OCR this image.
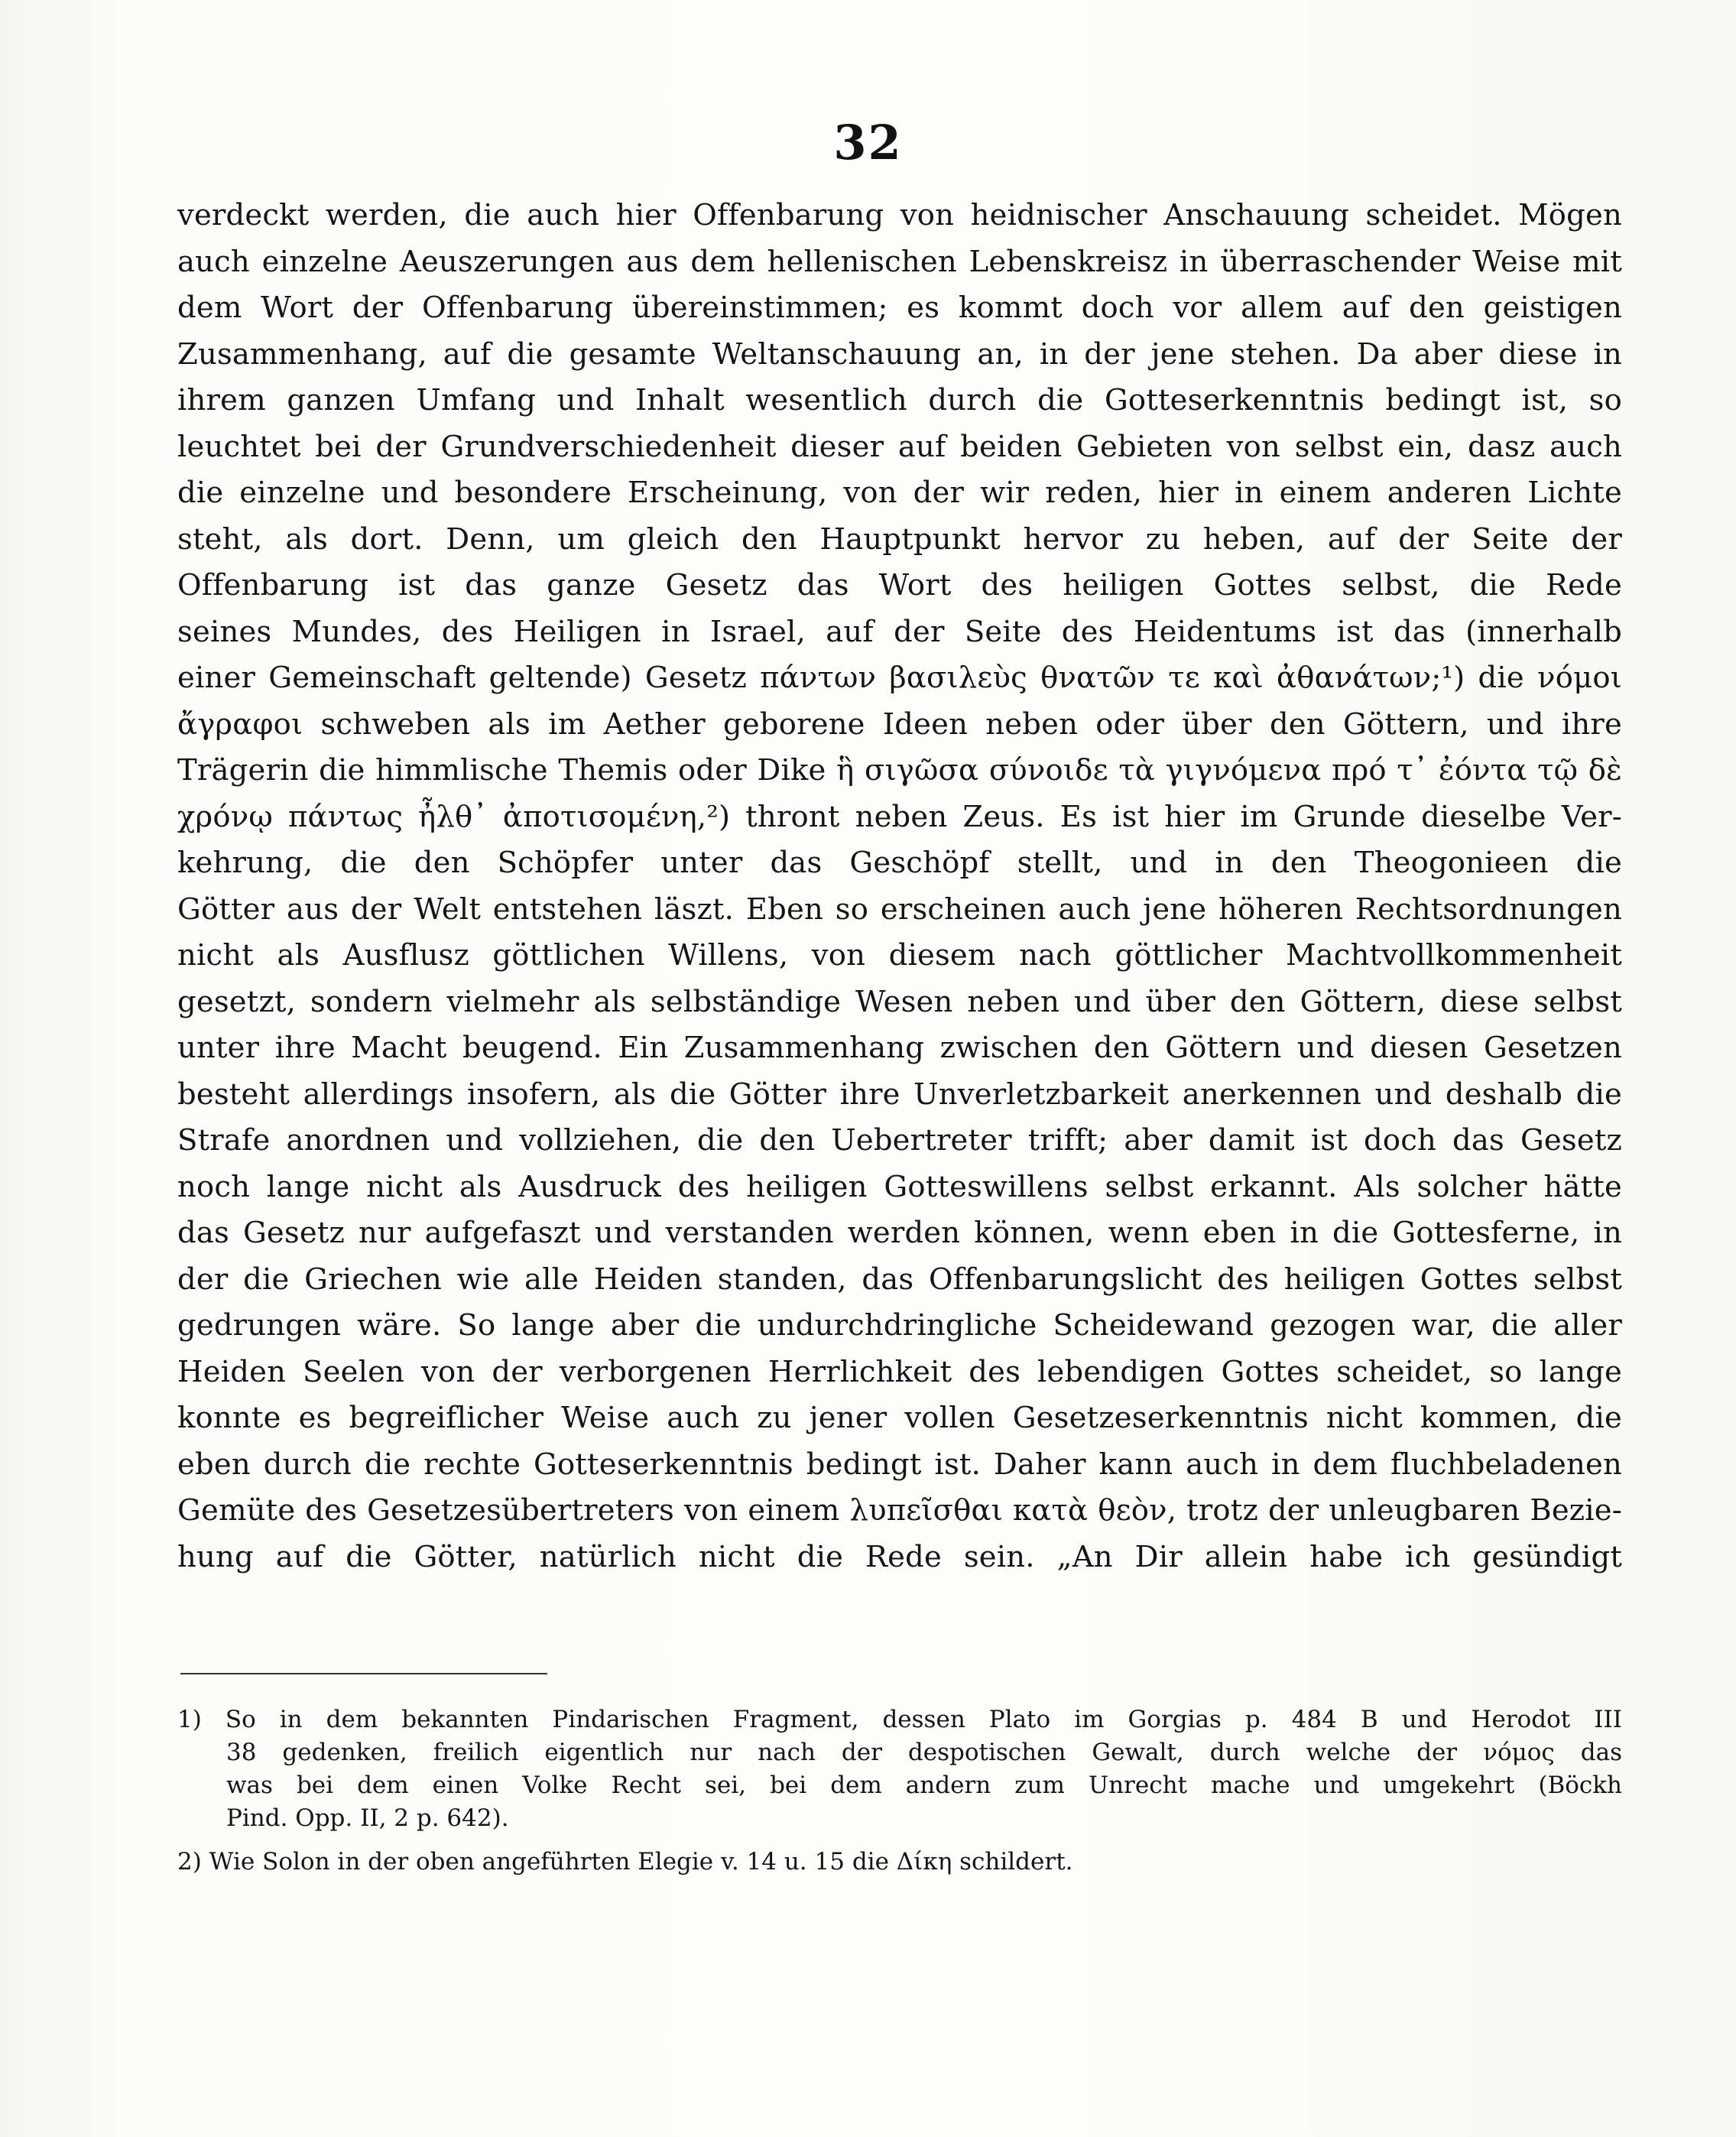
32
verdeckt werden, die auch hier Offenbarung von heidnischer Anschauung scheidet. Mögen
auch einzelne Aeuszerungen aus dem hellenischen Lebenskreisz in überraschender Weise mit
dem Wort der Offenbarung übereinstimmen; es kommt doch vor allem auf den geistigen
Zusammenhang, auf die gesamte Weltanschauung an, in der jene stehen. Da aber diese in
ihrem ganzen Umfang und Inhalt wesentlich durch die Gotteserkenntnis bedingt ist, so
leuchtet bei der Grundverschiedenheit dieser auf beiden Gebieten von selbst ein, dasz auch
die einzelne und besondere Erscheinung, von der wir reden, hier in einem anderen Lichte
steht, als dort. Denn, um gleich den Hauptpunkt hervor zu heben, auf der Seite der
Offenbarung ist das ganze Gesetz das Wort des heiligen Gottes selbst, die Rede
seines Mundes, des Heiligen in Israel, auf der Seite des Heidentums ist das (innerhalb
einer Gemeinschaft geltende) Gesetz πάντων βασιλεὺς θνατῶν τε καὶ ἀθανάτων;¹) die νόμοι
ἄγραφοι schweben als im Aether geborene Ideen neben oder über den Göttern, und ihre
Trägerin die himmlische Themis oder Dike ἣ σιγῶσα σύνοιδε τὰ γιγνόμενα πρό τ᾽ ἐόντα τῷ δὲ
χρόνῳ πάντως ἦλθ᾽ ἀποτισομένη,²) thront neben Zeus. Es ist hier im Grunde dieselbe Ver-
kehrung, die den Schöpfer unter das Geschöpf stellt, und in den Theogonieen die
Götter aus der Welt entstehen läszt. Eben so erscheinen auch jene höheren Rechtsordnungen
nicht als Ausflusz göttlichen Willens, von diesem nach göttlicher Machtvollkommenheit
gesetzt, sondern vielmehr als selbständige Wesen neben und über den Göttern, diese selbst
unter ihre Macht beugend. Ein Zusammenhang zwischen den Göttern und diesen Gesetzen
besteht allerdings insofern, als die Götter ihre Unverletzbarkeit anerkennen und deshalb die
Strafe anordnen und vollziehen, die den Uebertreter trifft; aber damit ist doch das Gesetz
noch lange nicht als Ausdruck des heiligen Gotteswillens selbst erkannt. Als solcher hätte
das Gesetz nur aufgefaszt und verstanden werden können, wenn eben in die Gottesferne, in
der die Griechen wie alle Heiden standen, das Offenbarungslicht des heiligen Gottes selbst
gedrungen wäre. So lange aber die undurchdringliche Scheidewand gezogen war, die aller
Heiden Seelen von der verborgenen Herrlichkeit des lebendigen Gottes scheidet, so lange
konnte es begreiflicher Weise auch zu jener vollen Gesetzeserkenntnis nicht kommen, die
eben durch die rechte Gotteserkenntnis bedingt ist. Daher kann auch in dem fluchbeladenen
Gemüte des Gesetzesübertreters von einem λυπεῖσθαι κατὰ θεὸν, trotz der unleugbaren Bezie-
hung auf die Götter, natürlich nicht die Rede sein. „An Dir allein habe ich gesündigt
1) So in dem bekannten Pindarischen Fragment, dessen Plato im Gorgias p. 484 B und Herodot III
38 gedenken, freilich eigentlich nur nach der despotischen Gewalt, durch welche der νόμος das
was bei dem einen Volke Recht sei, bei dem andern zum Unrecht mache und umgekehrt (Böckh
Pind. Opp. II, 2 p. 642).
2) Wie Solon in der oben angeführten Elegie v. 14 u. 15 die Δίκη schildert.
